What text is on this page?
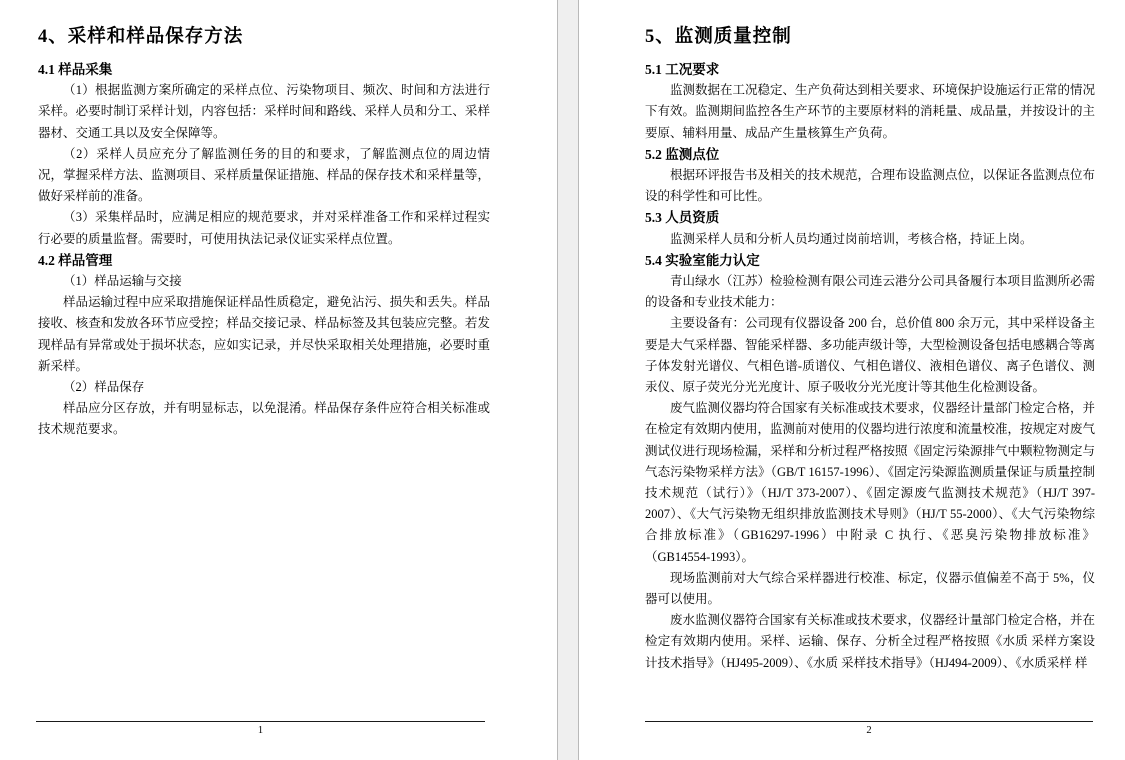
4、采样和样品保存方法
4.1 样品采集
（1）根据监测方案所确定的采样点位、污染物项目、频次、时间和方法进行采样。必要时制订采样计划，内容包括：采样时间和路线、采样人员和分工、采样器材、交通工具以及安全保障等。
（2）采样人员应充分了解监测任务的目的和要求，了解监测点位的周边情况，掌握采样方法、监测项目、采样质量保证措施、样品的保存技术和采样量等，做好采样前的准备。
（3）采集样品时，应满足相应的规范要求，并对采样准备工作和采样过程实行必要的质量监督。需要时，可使用执法记录仪证实采样点位置。
4.2 样品管理
（1）样品运输与交接
样品运输过程中应采取措施保证样品性质稳定，避免沾污、损失和丢失。样品接收、核查和发放各环节应受控；样品交接记录、样品标签及其包装应完整。若发现样品有异常或处于损坏状态，应如实记录，并尽快采取相关处理措施，必要时重新采样。
（2）样品保存
样品应分区存放，并有明显标志，以免混淆。样品保存条件应符合相关标准或技术规范要求。
1
5、监测质量控制
5.1 工况要求
监测数据在工况稳定、生产负荷达到相关要求、环境保护设施运行正常的情况下有效。监测期间监控各生产环节的主要原材料的消耗量、成品量，并按设计的主要原、辅料用量、成品产生量核算生产负荷。
5.2 监测点位
根据环评报告书及相关的技术规范，合理布设监测点位，以保证各监测点位布设的科学性和可比性。
5.3 人员资质
监测采样人员和分析人员均通过岗前培训，考核合格，持证上岗。
5.4 实验室能力认定
青山绿水（江苏）检验检测有限公司连云港分公司具备履行本项目监测所必需的设备和专业技术能力：
主要设备有：公司现有仪器设备 200 台，总价值 800 余万元，其中采样设备主要是大气采样器、智能采样器、多功能声级计等，大型检测设备包括电感耦合等离子体发射光谱仪、气相色谱-质谱仪、气相色谱仪、液相色谱仪、离子色谱仪、测汞仪、原子荧光分光光度计、原子吸收分光光度计等其他生化检测设备。
废气监测仪器均符合国家有关标准或技术要求，仪器经计量部门检定合格，并在检定有效期内使用，监测前对使用的仪器均进行浓度和流量校准，按规定对废气测试仪进行现场检漏，采样和分析过程严格按照《固定污染源排气中颗粒物测定与气态污染物采样方法》（GB/T 16157-1996）、《固定污染源监测质量保证与质量控制技术规范（试行）》（HJ/T 373-2007）、《固定源废气监测技术规范》（HJ/T 397-2007）、《大气污染物无组织排放监测技术导则》（HJ/T 55-2000）、《大气污染物综合排放标准》（GB16297-1996）中附录 C 执行、《恶臭污染物排放标准》（GB14554-1993）。
现场监测前对大气综合采样器进行校准、标定，仪器示值偏差不高于 5%，仪器可以使用。
废水监测仪器符合国家有关标准或技术要求，仪器经计量部门检定合格，并在检定有效期内使用。采样、运输、保存、分析全过程严格按照《水质 采样方案设计技术指导》（HJ495-2009）、《水质 采样技术指导》（HJ494-2009）、《水质采样 样
2
